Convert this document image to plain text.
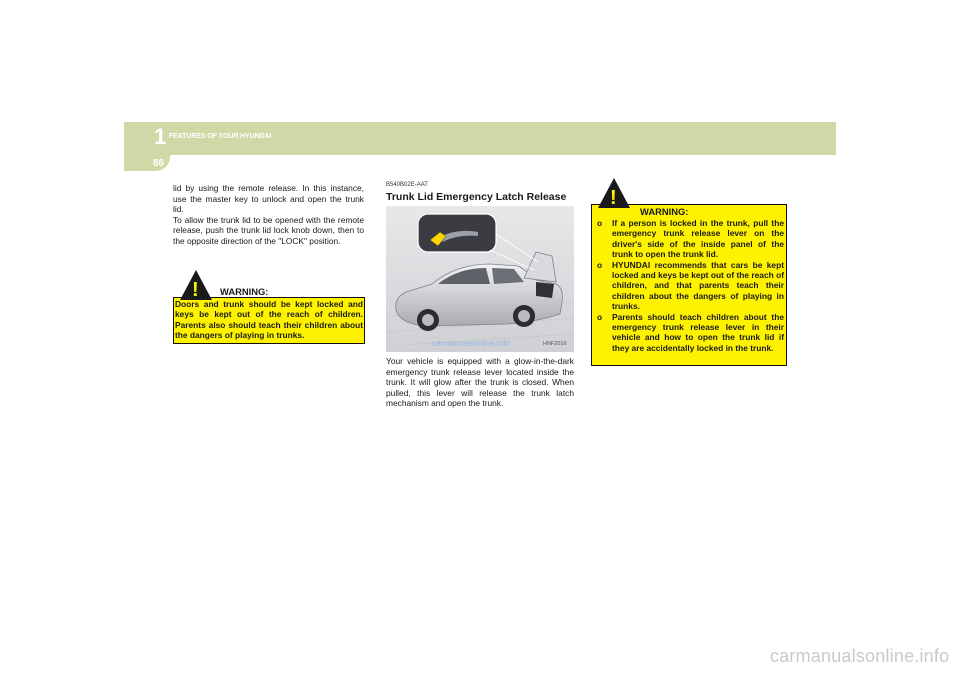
1 FEATURES OF YOUR HYUNDAI
86

lid by using the remote release. In this instance, use the master key to unlock and open the trunk lid.

To allow the trunk lid to be opened with the remote release, push the trunk lid lock knob down, then to the opposite direction of the "LOCK" position.

! WARNING:
Doors and trunk should be kept locked and keys be kept out of the reach of children. Parents also should teach their children about the dangers of playing in trunks.
B540B02E-AAT
Trunk Lid Emergency Latch Release
carmanualsonline.info	HNF2016

Your vehicle is equipped with a glow-in-the-dark emergency trunk release lever located inside the trunk. It will glow after the trunk is closed. When pulled, this lever will release the trunk latch mechanism and open the trunk.

!
WARNING:
o If a person is locked in the trunk, pull the emergency trunk release lever on the driver's side of the inside panel of the trunk to open the trunk lid.
o HYUNDAI recommends that cars be kept locked and keys be kept out of the reach of children, and that parents teach their children about the dangers of playing in trunks.
o Parents should teach children about the emergency trunk release lever in their vehicle and how to open the trunk lid if they are accidentally locked in the trunk.
carmanualsonline.info
